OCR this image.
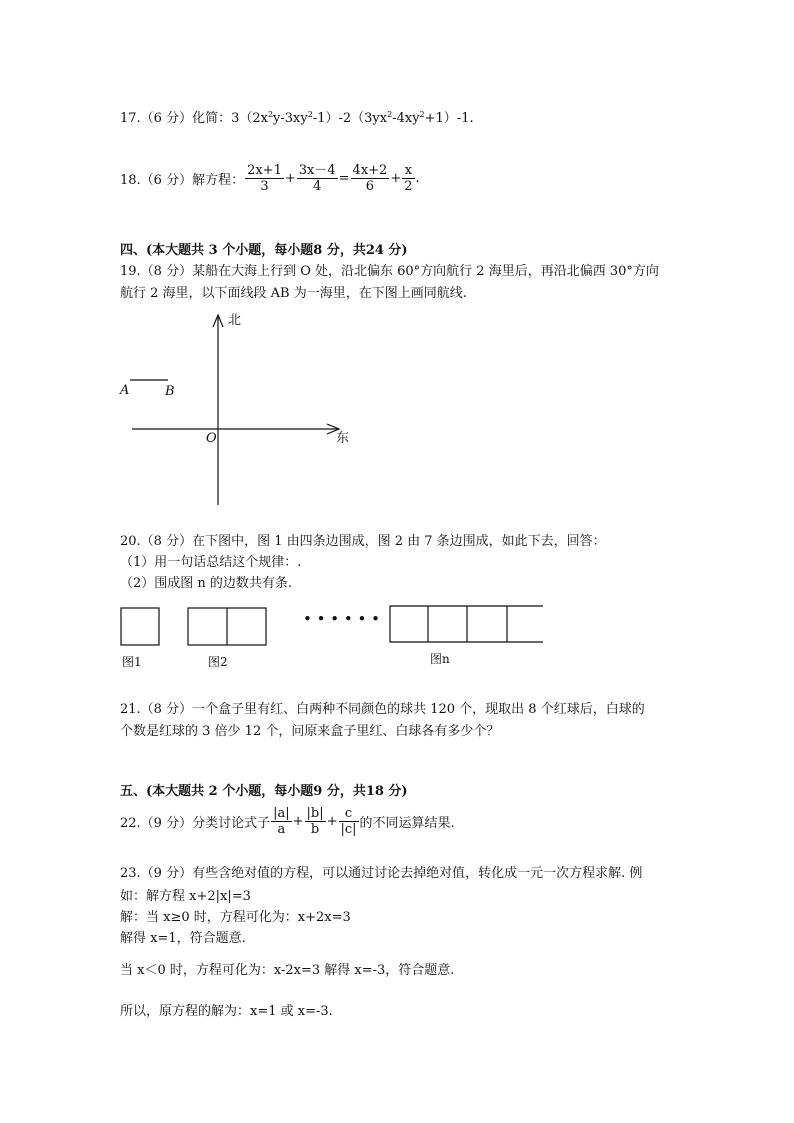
17.（6 分）化简：$3(2x^2y-3xy^2-1)-2(3yx^2-4xy^2+1)-1$.
18.（6 分）解方程： $\frac{2x+1}{3} + \frac{3x-4}{4} = \frac{4x+2}{6} + \frac{x}{2}$ .
四、(本大题共 3 个小题，每小题8 分，共24 分)
19.（8 分）某船在大海上行到 O 处，沿北偏东 60°方向航行 2 海里后，再沿北偏西 30°方向
航行 2 海里，以下面线段 AB 为一海里，在下图上画同航线.
北
东
O
A	B
20.（8 分）在下图中，图 1 由四条边围成，图 2 由 7 条边围成，如此下去，回答：
（1）用一句话总结这个规律：.
（2）围成图 n 的边数共有条.
• • • • • •
图1	图2	图n
21.（8 分）一个盒子里有红、白两种不同颜色的球共 120 个，现取出 8 个红球后，白球的
个数是红球的 3 倍少 12 个，问原来盒子里红、白球各有多少个？
五、(本大题共 2 个小题，每小题9 分，共18 分)
22.（9 分）分类讨论式子 $\frac{|a|}{a} + \frac{|b|}{b} + \frac{c}{|c|}$ 的不同运算结果.
23.（9 分）有些含绝对值的方程，可以通过讨论去掉绝对值，转化成一元一次方程求解. 例
如：解方程 x+2|x|=3
解：当 x≥0 时，方程可化为：x+2x=3
解得 x=1，符合题意.
当 x＜0 时，方程可化为：x-2x=3 解得 x=-3，符合题意.
所以，原方程的解为：x=1 或 x=-3.
